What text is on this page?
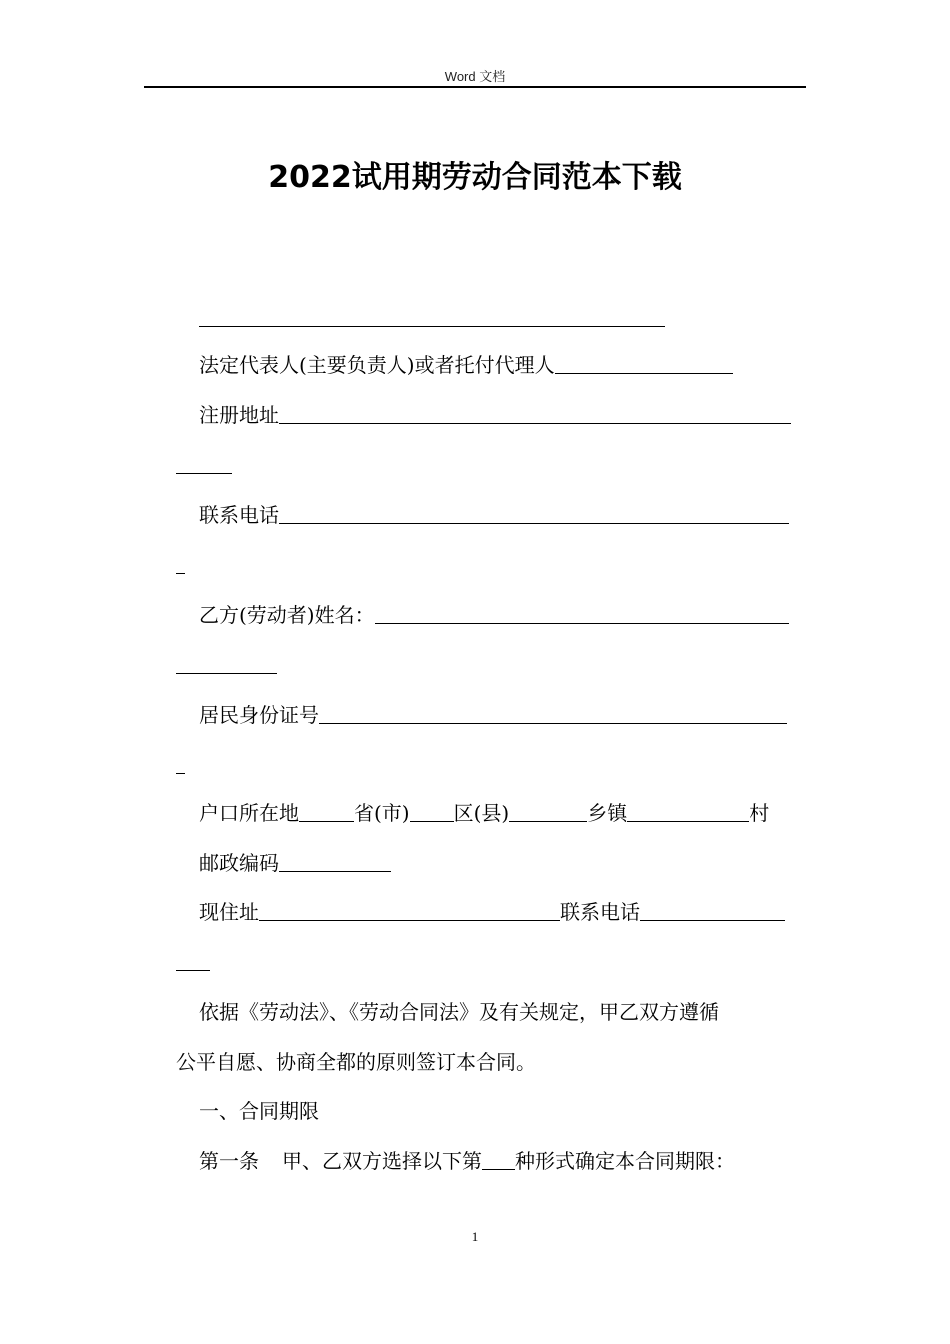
Word 文档
2022试用期劳动合同范本下载
法定代表人(主要负责人)或者托付代理人
注册地址
联系电话
乙方(劳动者)姓名：
居民身份证号
户口所在地	省(市) 区(县)	乡镇	村
邮政编码
现住址	联系电话
依据《劳动法》、《劳动合同法》及有关规定，甲乙双方遵循
公平自愿、协商全都的原则签订本合同。
一、合同期限
第一条 甲、乙双方选择以下第 种形式确定本合同期限：
1
